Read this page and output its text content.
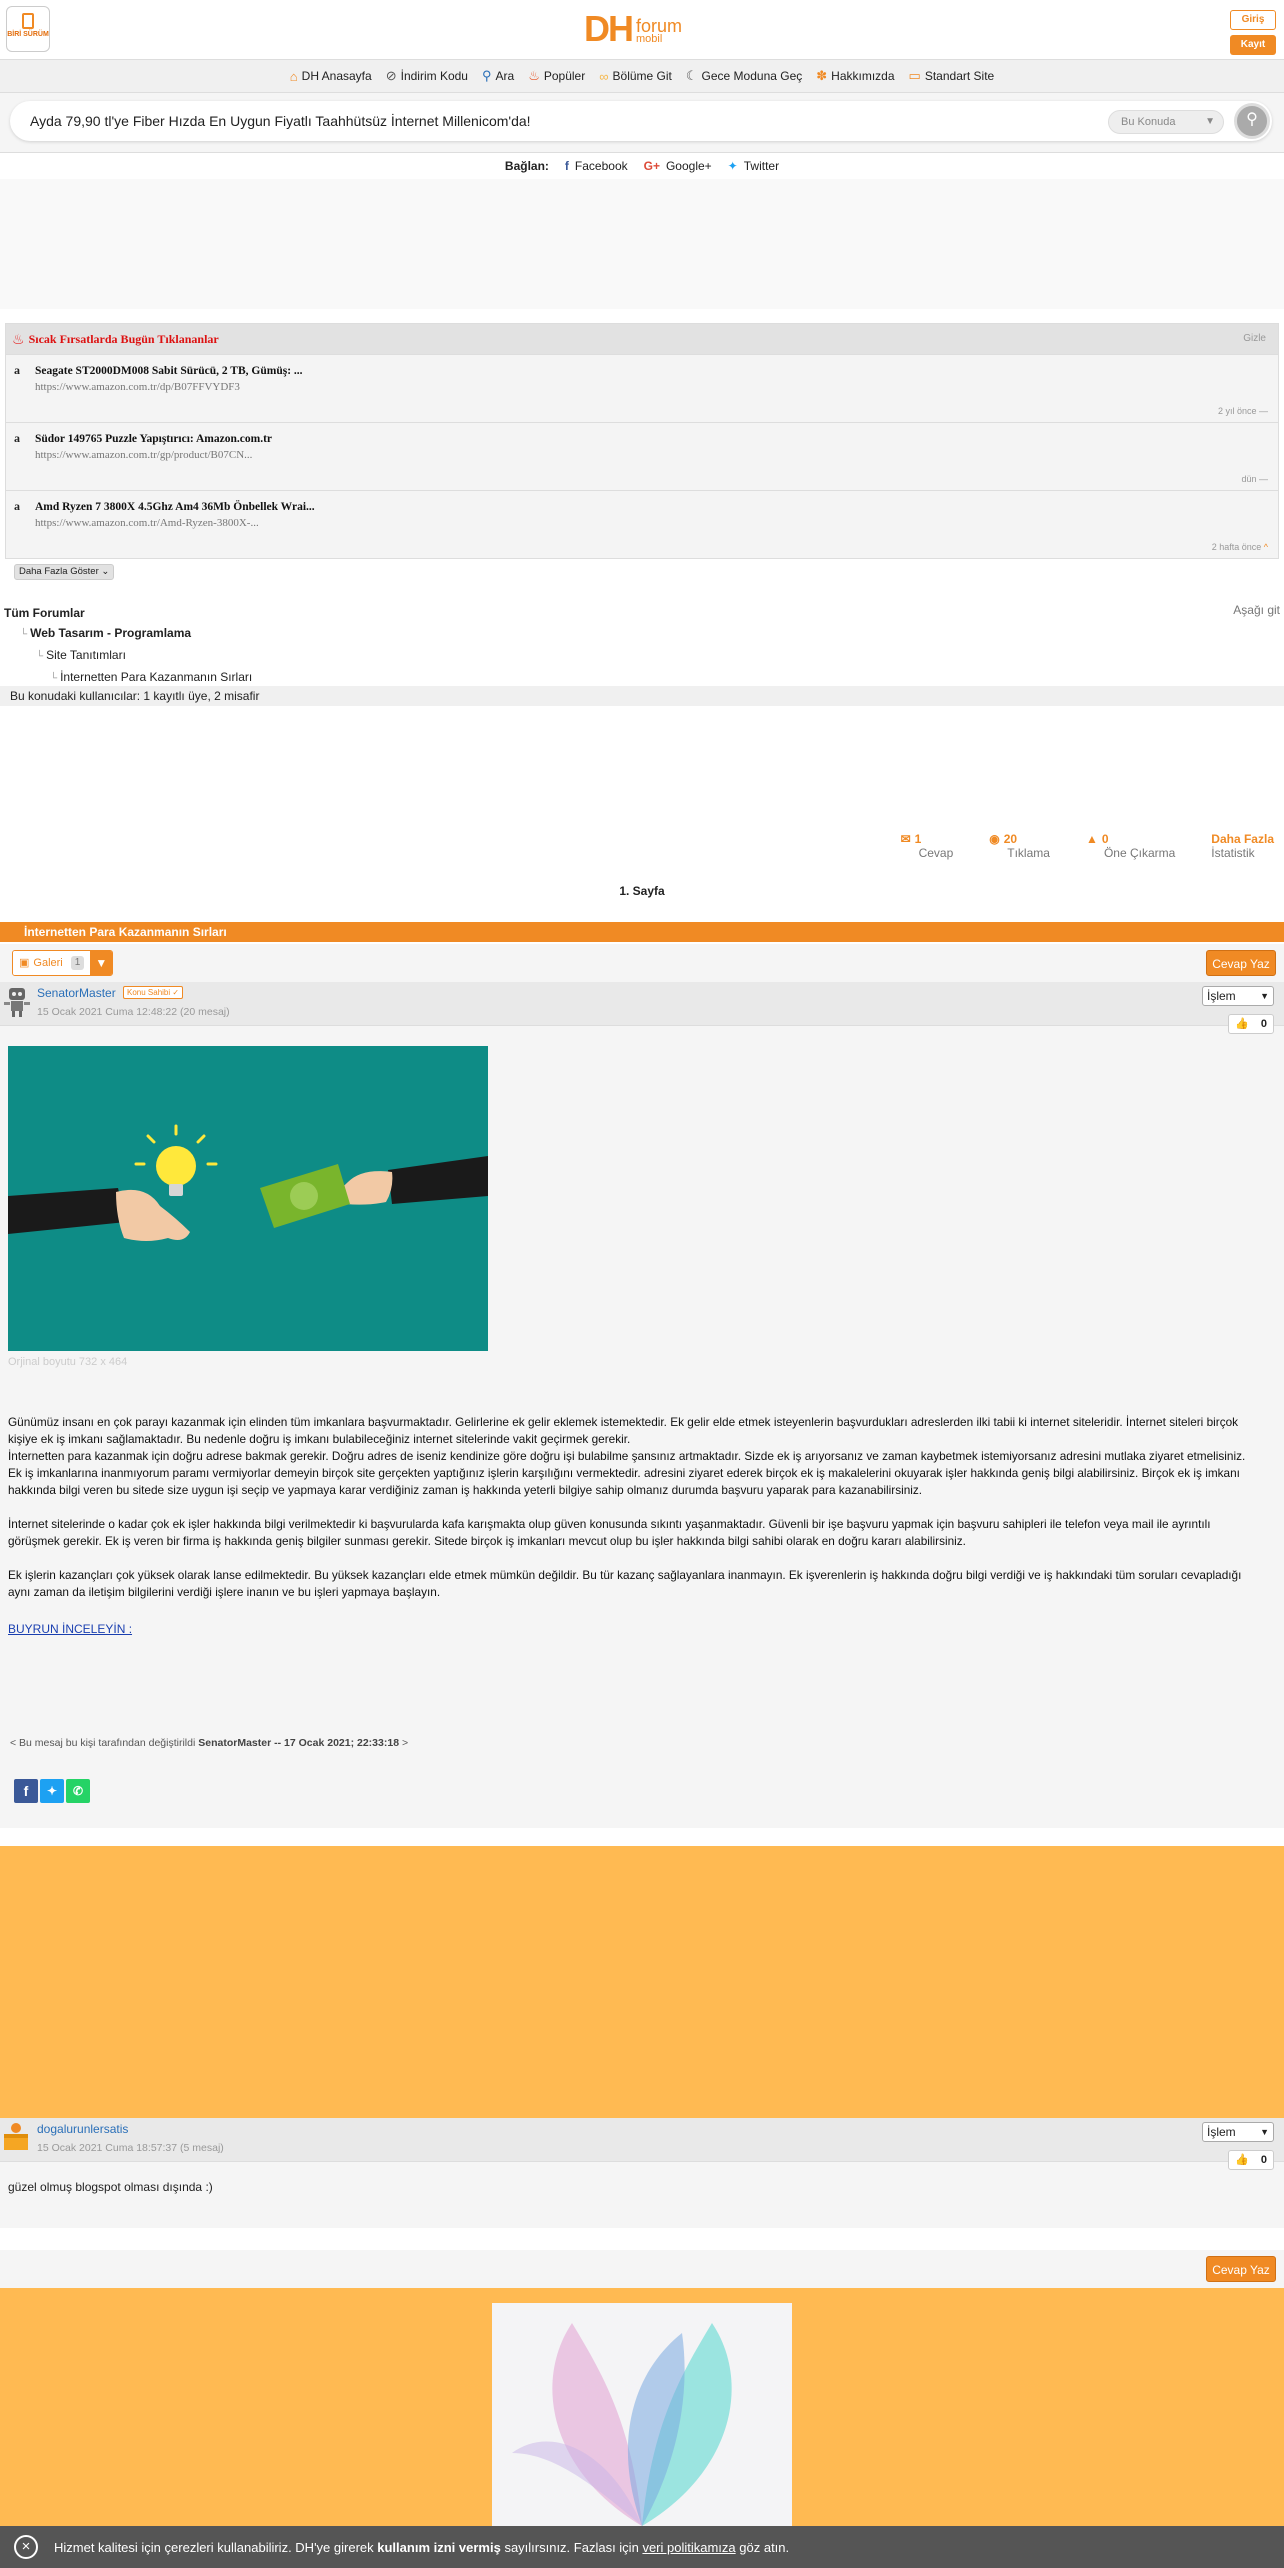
BİRİ SÜRÜM	DH forum
mobil
Giriş
Kayıt
⌂ DH Anasayfa ⊘ İndirim Kodu ⚲ Ara ♨ Popüler ∞ Bölüme Git ☾ Gece Moduna Geç ✽ Hakkımızda ▭ Standart Site
Ayda 79,90 tl'ye Fiber Hızda En Uygun Fiyatlı Taahhütsüz İnternet Millenicom'da!	Bu Konuda	▼	⚲
Bağlan: f Facebook G+ Google+ ✦ Twitter
♨ Sıcak Fırsatlarda Bugün Tıklananlar	Gizle
a Seagate ST2000DM008 Sabit Sürücü, 2 TB, Gümüş: ...
https://www.amazon.com.tr/dp/B07FFVYDF3
2 yıl önce —
a Südor 149765 Puzzle Yapıştırıcı: Amazon.com.tr
https://www.amazon.com.tr/gp/product/B07CN...
dün —
a Amd Ryzen 7 3800X 4.5Ghz Am4 36Mb Önbellek Wrai...
https://www.amazon.com.tr/Amd-Ryzen-3800X-...
2 hafta önce ^
Daha Fazla Göster ⌄
Tüm Forumlar
└ Web Tasarım - Programlama
└ Site Tanıtımları
└ İnternetten Para Kazanmanın Sırları
Aşağı git
Bu konudaki kullanıcılar: 1 kayıtlı üye, 2 misafir
✉ 1
Cevap
◉ 20
Tıklama
▲ 0
Öne Çıkarma
Daha Fazla
İstatistik
1. Sayfa
İnternetten Para Kazanmanın Sırları
▣ Galeri	1	▼	Cevap Yaz
SenatorMaster	Konu Sahibi ✓
15 Ocak 2021 Cuma 12:48:22 (20 mesaj)
İşlem	▼
👍 0
Orjinal boyutu 732 x 464

Günümüz insanı en çok parayı kazanmak için elinden tüm imkanlara başvurmaktadır. Gelirlerine ek gelir eklemek istemektedir. Ek gelir elde etmek isteyenlerin başvurdukları adreslerden ilki tabii ki internet siteleridir. İnternet siteleri birçok kişiye ek iş imkanı sağlamaktadır. Bu nedenle doğru iş imkanı bulabileceğiniz internet sitelerinde vakit geçirmek gerekir.

İnternetten para kazanmak için doğru adrese bakmak gerekir. Doğru adres de iseniz kendinize göre doğru işi bulabilme şansınız artmaktadır. Sizde ek iş arıyorsanız ve zaman kaybetmek istemiyorsanız adresini mutlaka ziyaret etmelisiniz. Ek iş imkanlarına inanmıyorum paramı vermiyorlar demeyin birçok site gerçekten yaptığınız işlerin karşılığını vermektedir. adresini ziyaret ederek birçok ek iş makalelerini okuyarak işler hakkında geniş bilgi alabilirsiniz. Birçok ek iş imkanı hakkında bilgi veren bu sitede size uygun işi seçip ve yapmaya karar verdiğiniz zaman iş hakkında yeterli bilgiye sahip olmanız durumda başvuru yaparak para kazanabilirsiniz.

İnternet sitelerinde o kadar çok ek işler hakkında bilgi verilmektedir ki başvurularda kafa karışmakta olup güven konusunda sıkıntı yaşanmaktadır. Güvenli bir işe başvuru yapmak için başvuru sahipleri ile telefon veya mail ile ayrıntılı görüşmek gerekir. Ek iş veren bir firma iş hakkında geniş bilgiler sunması gerekir. Sitede birçok iş imkanları mevcut olup bu işler hakkında bilgi sahibi olarak en doğru kararı alabilirsiniz.

Ek işlerin kazançları çok yüksek olarak lanse edilmektedir. Bu yüksek kazançları elde etmek mümkün değildir. Bu tür kazanç sağlayanlara inanmayın. Ek işverenlerin iş hakkında doğru bilgi verdiği ve iş hakkındaki tüm soruları cevapladığı aynı zaman da iletişim bilgilerini verdiği işlere inanın ve bu işleri yapmaya başlayın.

BUYRUN İNCELEYİN :
< Bu mesaj bu kişi tarafından değiştirildi SenatorMaster -- 17 Ocak 2021; 22:33:18 >
f	✦	✆
dogalurunlersatis
15 Ocak 2021 Cuma 18:57:37 (5 mesaj)
İşlem	▼
👍 0
güzel olmuş blogspot olması dışında :)
Cevap Yaz
×	Hizmet kalitesi için çerezleri kullanabiliriz. DH'ye girerek
kullanım izni vermiş
sayılırsınız. Fazlası için
veri politikamıza
göz atın.
